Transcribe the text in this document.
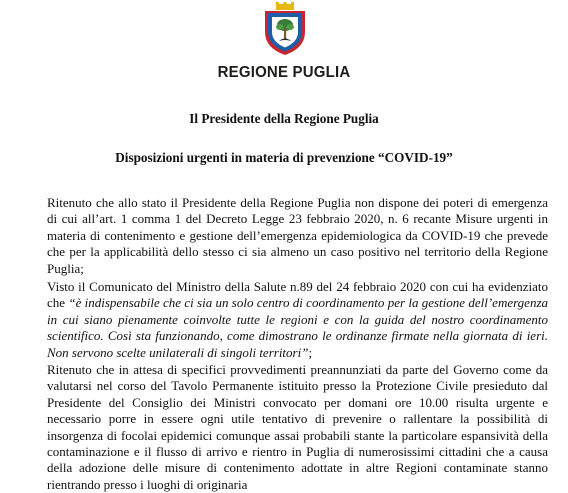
REGIONE PUGLIA
Il Presidente della Regione Puglia
Disposizioni urgenti in materia di prevenzione “COVID-19”

Ritenuto che allo stato il Presidente della Regione Puglia non dispone dei poteri di emergenza di cui all’art. 1 comma 1 del Decreto Legge 23 febbraio 2020, n. 6 recante Misure urgenti in materia di contenimento e gestione dell’emergenza epidemiologica da COVID-19 che prevede che per la applicabilità dello stesso ci sia almeno un caso positivo nel territorio della Regione Puglia;

Visto il Comunicato del Ministro della Salute n.89 del 24 febbraio 2020 con cui ha evidenziato che “è indispensabile che ci sia un solo centro di coordinamento per la gestione dell’emergenza in cui siano pienamente coinvolte tutte le regioni e con la guida del nostro coordinamento scientifico. Così sta funzionando, come dimostrano le ordinanze firmate nella giornata di ieri. Non servono scelte unilaterali di singoli territori”;

Ritenuto che in attesa di specifici provvedimenti preannunziati da parte del Governo come da valutarsi nel corso del Tavolo Permanente istituito presso la Protezione Civile presieduto dal Presidente del Consiglio dei Ministri convocato per domani ore 10.00 risulta urgente e necessario porre in essere ogni utile tentativo di prevenire o rallentare la possibilità di insorgenza di focolai epidemici comunque assai probabili stante la particolare espansività della contaminazione e il flusso di arrivo e rientro in Puglia di numerosissimi cittadini che a causa della adozione delle misure di contenimento adottate in altre Regioni contaminate stanno rientrando presso i luoghi di originaria
